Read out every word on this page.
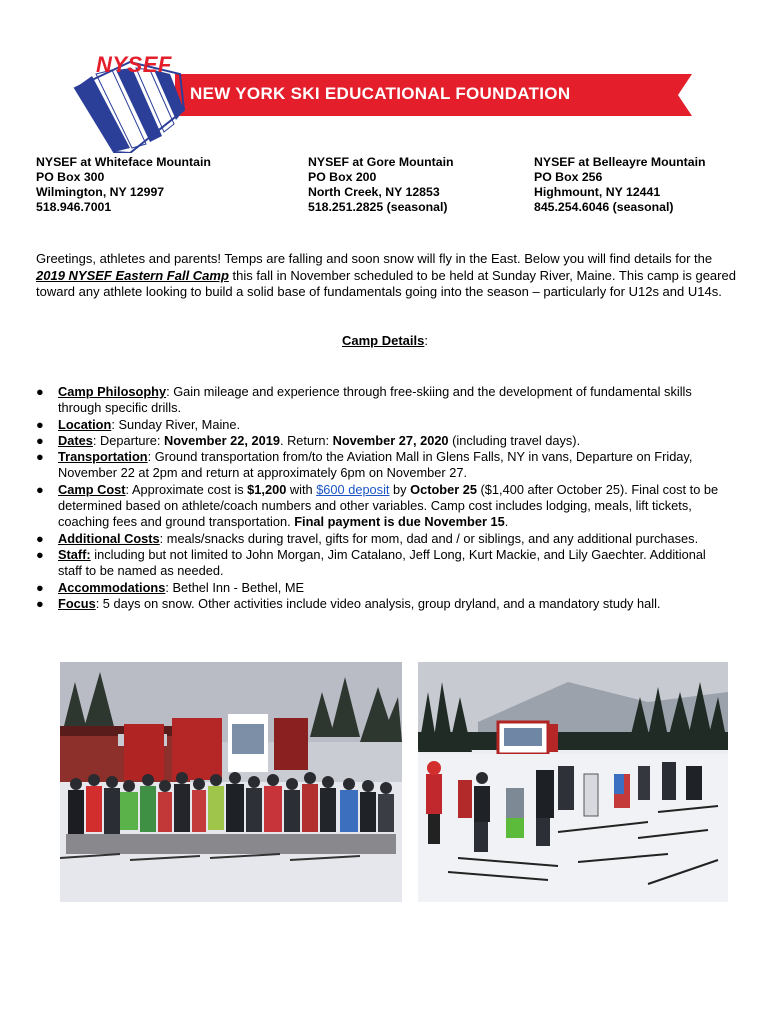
NYSEF
NEW YORK SKI EDUCATIONAL FOUNDATION
NYSEF at Whiteface Mountain
PO Box 300
Wilmington, NY 12997
518.946.7001
NYSEF at Gore Mountain
PO Box 200
North Creek, NY 12853
518.251.2825 (seasonal)
NYSEF at Belleayre Mountain
PO Box 256
Highmount, NY 12441
845.254.6046 (seasonal)

Greetings, athletes and parents! Temps are falling and soon snow will fly in the East. Below you will find details for the 2019 NYSEF Eastern Fall Camp this fall in November scheduled to be held at Sunday River, Maine. This camp is geared toward any athlete looking to build a solid base of fundamentals going into the season – particularly for U12s and U14s.

Camp Details:
● Camp Philosophy: Gain mileage and experience through free-skiing and the development of fundamental skills through specific drills.
● Location: Sunday River, Maine.
● Dates: Departure: November 22, 2019. Return: November 27, 2020 (including travel days).
● Transportation: Ground transportation from/to the Aviation Mall in Glens Falls, NY in vans, Departure on Friday, November 22 at 2pm and return at approximately 6pm on November 27.
● Camp Cost: Approximate cost is $1,200 with $600 deposit by October 25 ($1,400 after October 25). Final cost to be determined based on athlete/coach numbers and other variables. Camp cost includes lodging, meals, lift tickets, coaching fees and ground transportation. Final payment is due November 15.
● Additional Costs: meals/snacks during travel, gifts for mom, dad and / or siblings, and any additional purchases.
● Staff: including but not limited to John Morgan, Jim Catalano, Jeff Long, Kurt Mackie, and Lily Gaechter. Additional staff to be named as needed.
● Accommodations: Bethel Inn - Bethel, ME
● Focus: 5 days on snow. Other activities include video analysis, group dryland, and a mandatory study hall.
